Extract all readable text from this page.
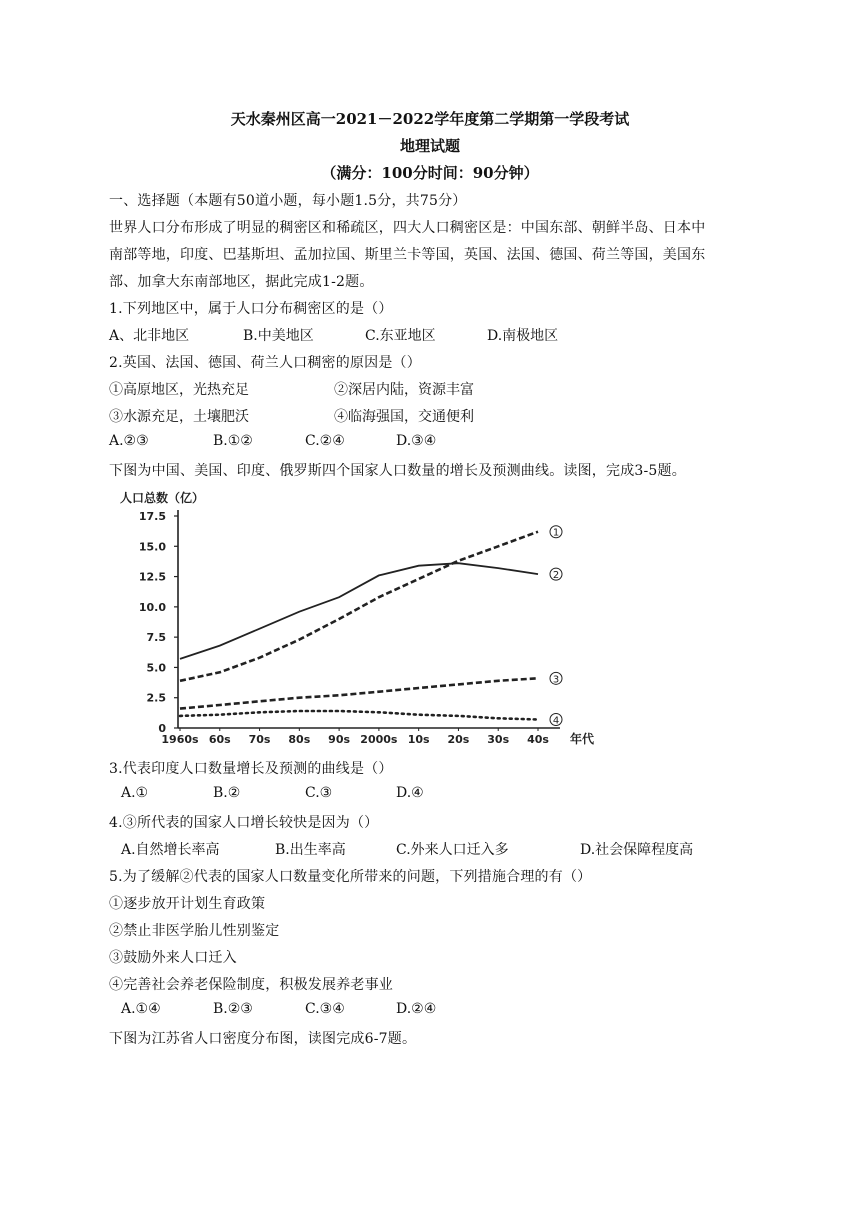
天水秦州区高一2021－2022学年度第二学期第一学段考试
地理试题
（满分：100分时间：90分钟）
一、选择题（本题有50道小题，每小题1.5分，共75分）
世界人口分布形成了明显的稠密区和稀疏区，四大人口稠密区是：中国东部、朝鲜半岛、日本中
南部等地，印度、巴基斯坦、孟加拉国、斯里兰卡等国，英国、法国、德国、荷兰等国，美国东
部、加拿大东南部地区，据此完成1-2题。
1.下列地区中，属于人口分布稠密区的是（）
A、北非地区	B.中美地区	C.东亚地区	D.南极地区
2.英国、法国、德国、荷兰人口稠密的原因是（）
①高原地区，光热充足	②深居内陆，资源丰富
③水源充足，土壤肥沃	④临海强国，交通便利
A.②③	B.①②	C.②④	D.③④
下图为中国、美国、印度、俄罗斯四个国家人口数量的增长及预测曲线。读图，完成3-5题。
人口总数（亿）
0
2.5
5.0
7.5
10.0
12.5
15.0
17.5
1960s 60s 70s 80s 90s 2000s 10s 20s 30s 40s 年代
1
2
3
4
3.代表印度人口数量增长及预测的曲线是（）
A.①	B.②	C.③	D.④
4.③所代表的国家人口增长较快是因为（）
A.自然增长率高	B.出生率高	C.外来人口迁入多	D.社会保障程度高
5.为了缓解②代表的国家人口数量变化所带来的问题，下列措施合理的有（）
①逐步放开计划生育政策
②禁止非医学胎儿性别鉴定
③鼓励外来人口迁入
④完善社会养老保险制度，积极发展养老事业
A.①④	B.②③	C.③④	D.②④
下图为江苏省人口密度分布图，读图完成6-7题。
